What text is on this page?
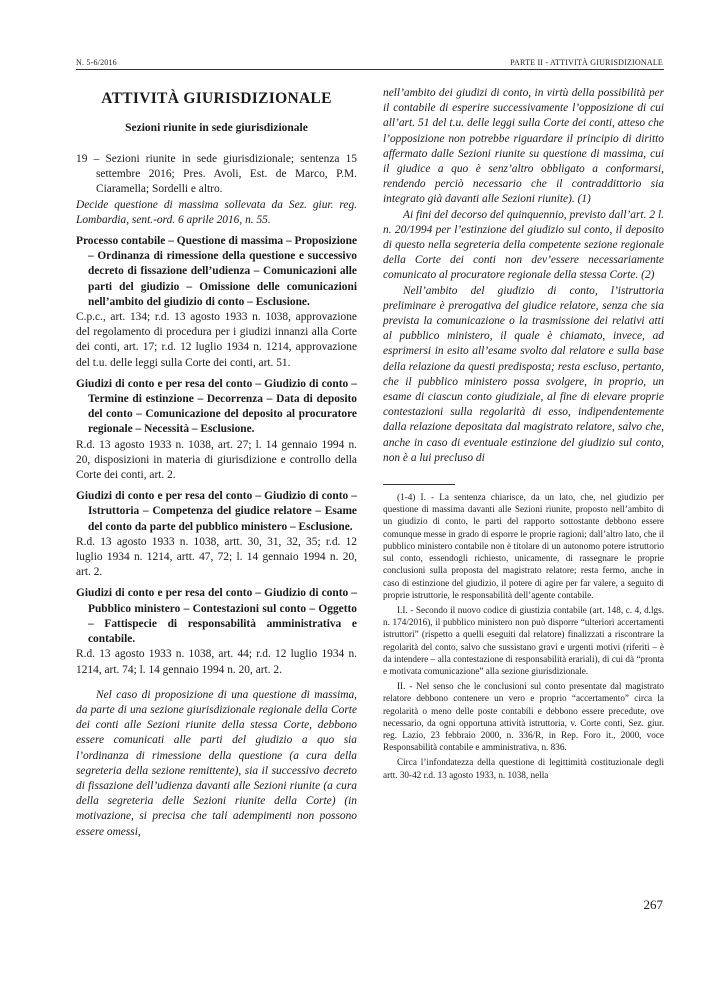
N. 5-6/2016	PARTE II - ATTIVITÀ GIURISDIZIONALE
ATTIVITÀ GIURISDIZIONALE
Sezioni riunite in sede giurisdizionale

19 – Sezioni riunite in sede giurisdizionale; sentenza 15 settembre 2016; Pres. Avoli, Est. de Marco, P.M. Ciaramella; Sordelli e altro.

Decide questione di massima sollevata da Sez. giur. reg. Lombardia, sent.-ord. 6 aprile 2016, n. 55.

Processo contabile – Questione di massima – Proposizione – Ordinanza di rimessione della questione e successivo decreto di fissazione dell’udienza – Comunicazioni alle parti del giudizio – Omissione delle comunicazioni nell’ambito del giudizio di conto – Esclusione.

C.p.c., art. 134; r.d. 13 agosto 1933 n. 1038, approvazione del regolamento di procedura per i giudizi innanzi alla Corte dei conti, art. 17; r.d. 12 luglio 1934 n. 1214, approvazione del t.u. delle leggi sulla Corte dei conti, art. 51.

Giudizi di conto e per resa del conto – Giudizio di conto – Termine di estinzione – Decorrenza – Data di deposito del conto – Comunicazione del deposito al procuratore regionale – Necessità – Esclusione.

R.d. 13 agosto 1933 n. 1038, art. 27; l. 14 gennaio 1994 n. 20, disposizioni in materia di giurisdizione e controllo della Corte dei conti, art. 2.

Giudizi di conto e per resa del conto – Giudizio di conto – Istruttoria – Competenza del giudice relatore – Esame del conto da parte del pubblico ministero – Esclusione.

R.d. 13 agosto 1933 n. 1038, artt. 30, 31, 32, 35; r.d. 12 luglio 1934 n. 1214, artt. 47, 72; l. 14 gennaio 1994 n. 20, art. 2.

Giudizi di conto e per resa del conto – Giudizio di conto – Pubblico ministero – Contestazioni sul conto – Oggetto – Fattispecie di responsabilità amministrativa e contabile.

R.d. 13 agosto 1933 n. 1038, art. 44; r.d. 12 luglio 1934 n. 1214, art. 74; l. 14 gennaio 1994 n. 20, art. 2.

Nel caso di proposizione di una questione di massima, da parte di una sezione giurisdizionale regionale della Corte dei conti alle Sezioni riunite della stessa Corte, debbono essere comunicati alle parti del giudizio a quo sia l’ordinanza di rimessione della questione (a cura della segreteria della sezione remittente), sia il successivo decreto di fissazione dell’udienza davanti alle Sezioni riunite (a cura della segreteria delle Sezioni riunite della Corte) (in motivazione, si precisa che tali adempimenti non possono essere omessi,

nell’ambito dei giudizi di conto, in virtù della possibilità per il contabile di esperire successivamente l’opposizione di cui all’art. 51 del t.u. delle leggi sulla Corte dei conti, atteso che l’opposizione non potrebbe riguardare il principio di diritto affermato dalle Sezioni riunite su questione di massima, cui il giudice a quo è senz’altro obbligato a conformarsi, rendendo perciò necessario che il contraddittorio sia integrato già davanti alle Sezioni riunite). (1)

Ai fini del decorso del quinquennio, previsto dall’art. 2 l. n. 20/1994 per l’estinzione del giudizio sul conto, il deposito di questo nella segreteria della competente sezione regionale della Corte dei conti non dev’essere necessariamente comunicato al procuratore regionale della stessa Corte. (2)

Nell’ambito del giudizio di conto, l’istruttoria preliminare è prerogativa del giudice relatore, senza che sia prevista la comunicazione o la trasmissione dei relativi atti al pubblico ministero, il quale è chiamato, invece, ad esprimersi in esito all’esame svolto dal relatore e sulla base della relazione da questi predisposta; resta escluso, pertanto, che il pubblico ministero possa svolgere, in proprio, un esame di ciascun conto giudiziale, al fine di elevare proprie contestazioni sulla regolarità di esso, indipendentemente dalla relazione depositata dal magistrato relatore, salvo che, anche in caso di eventuale estinzione del giudizio sul conto, non è a lui precluso di

(1-4) I. - La sentenza chiarisce, da un lato, che, nel giudizio per questione di massima davanti alle Sezioni riunite, proposto nell’ambito di un giudizio di conto, le parti del rapporto sottostante debbono essere comunque messe in grado di esporre le proprie ragioni; dall’altro lato, che il pubblico ministero contabile non è titolare di un autonomo potere istruttorio sul conto, essendogli richiesto, unicamente, di rassegnare le proprie conclusioni sulla proposta del magistrato relatore; resta fermo, anche in caso di estinzione del giudizio, il potere di agire per far valere, a seguito di proprie istruttorie, le responsabilità dell’agente contabile.

I.I. - Secondo il nuovo codice di giustizia contabile (art. 148, c. 4, d.lgs. n. 174/2016), il pubblico ministero non può disporre “ulteriori accertamenti istruttori” (rispetto a quelli eseguiti dal relatore) finalizzati a riscontrare la regolarità del conto, salvo che sussistano gravi e urgenti motivi (riferiti – è da intendere – alla contestazione di responsabilità erariali), di cui dà “pronta e motivata comunicazione” alla sezione giurisdizionale.

II. - Nel senso che le conclusioni sul conto presentate dal magistrato relatore debbono contenere un vero e proprio “accertamento” circa la regolarità o meno delle poste contabili e debbono essere precedute, ove necessario, da ogni opportuna attività istruttoria, v. Corte conti, Sez. giur. reg. Lazio, 23 febbraio 2000, n. 336/R, in Rep. Foro it., 2000, voce Responsabilità contabile e amministrativa, n. 836.

Circa l’infondatezza della questione di legittimità costituzionale degli artt. 30-42 r.d. 13 agosto 1933, n. 1038, nella

267
